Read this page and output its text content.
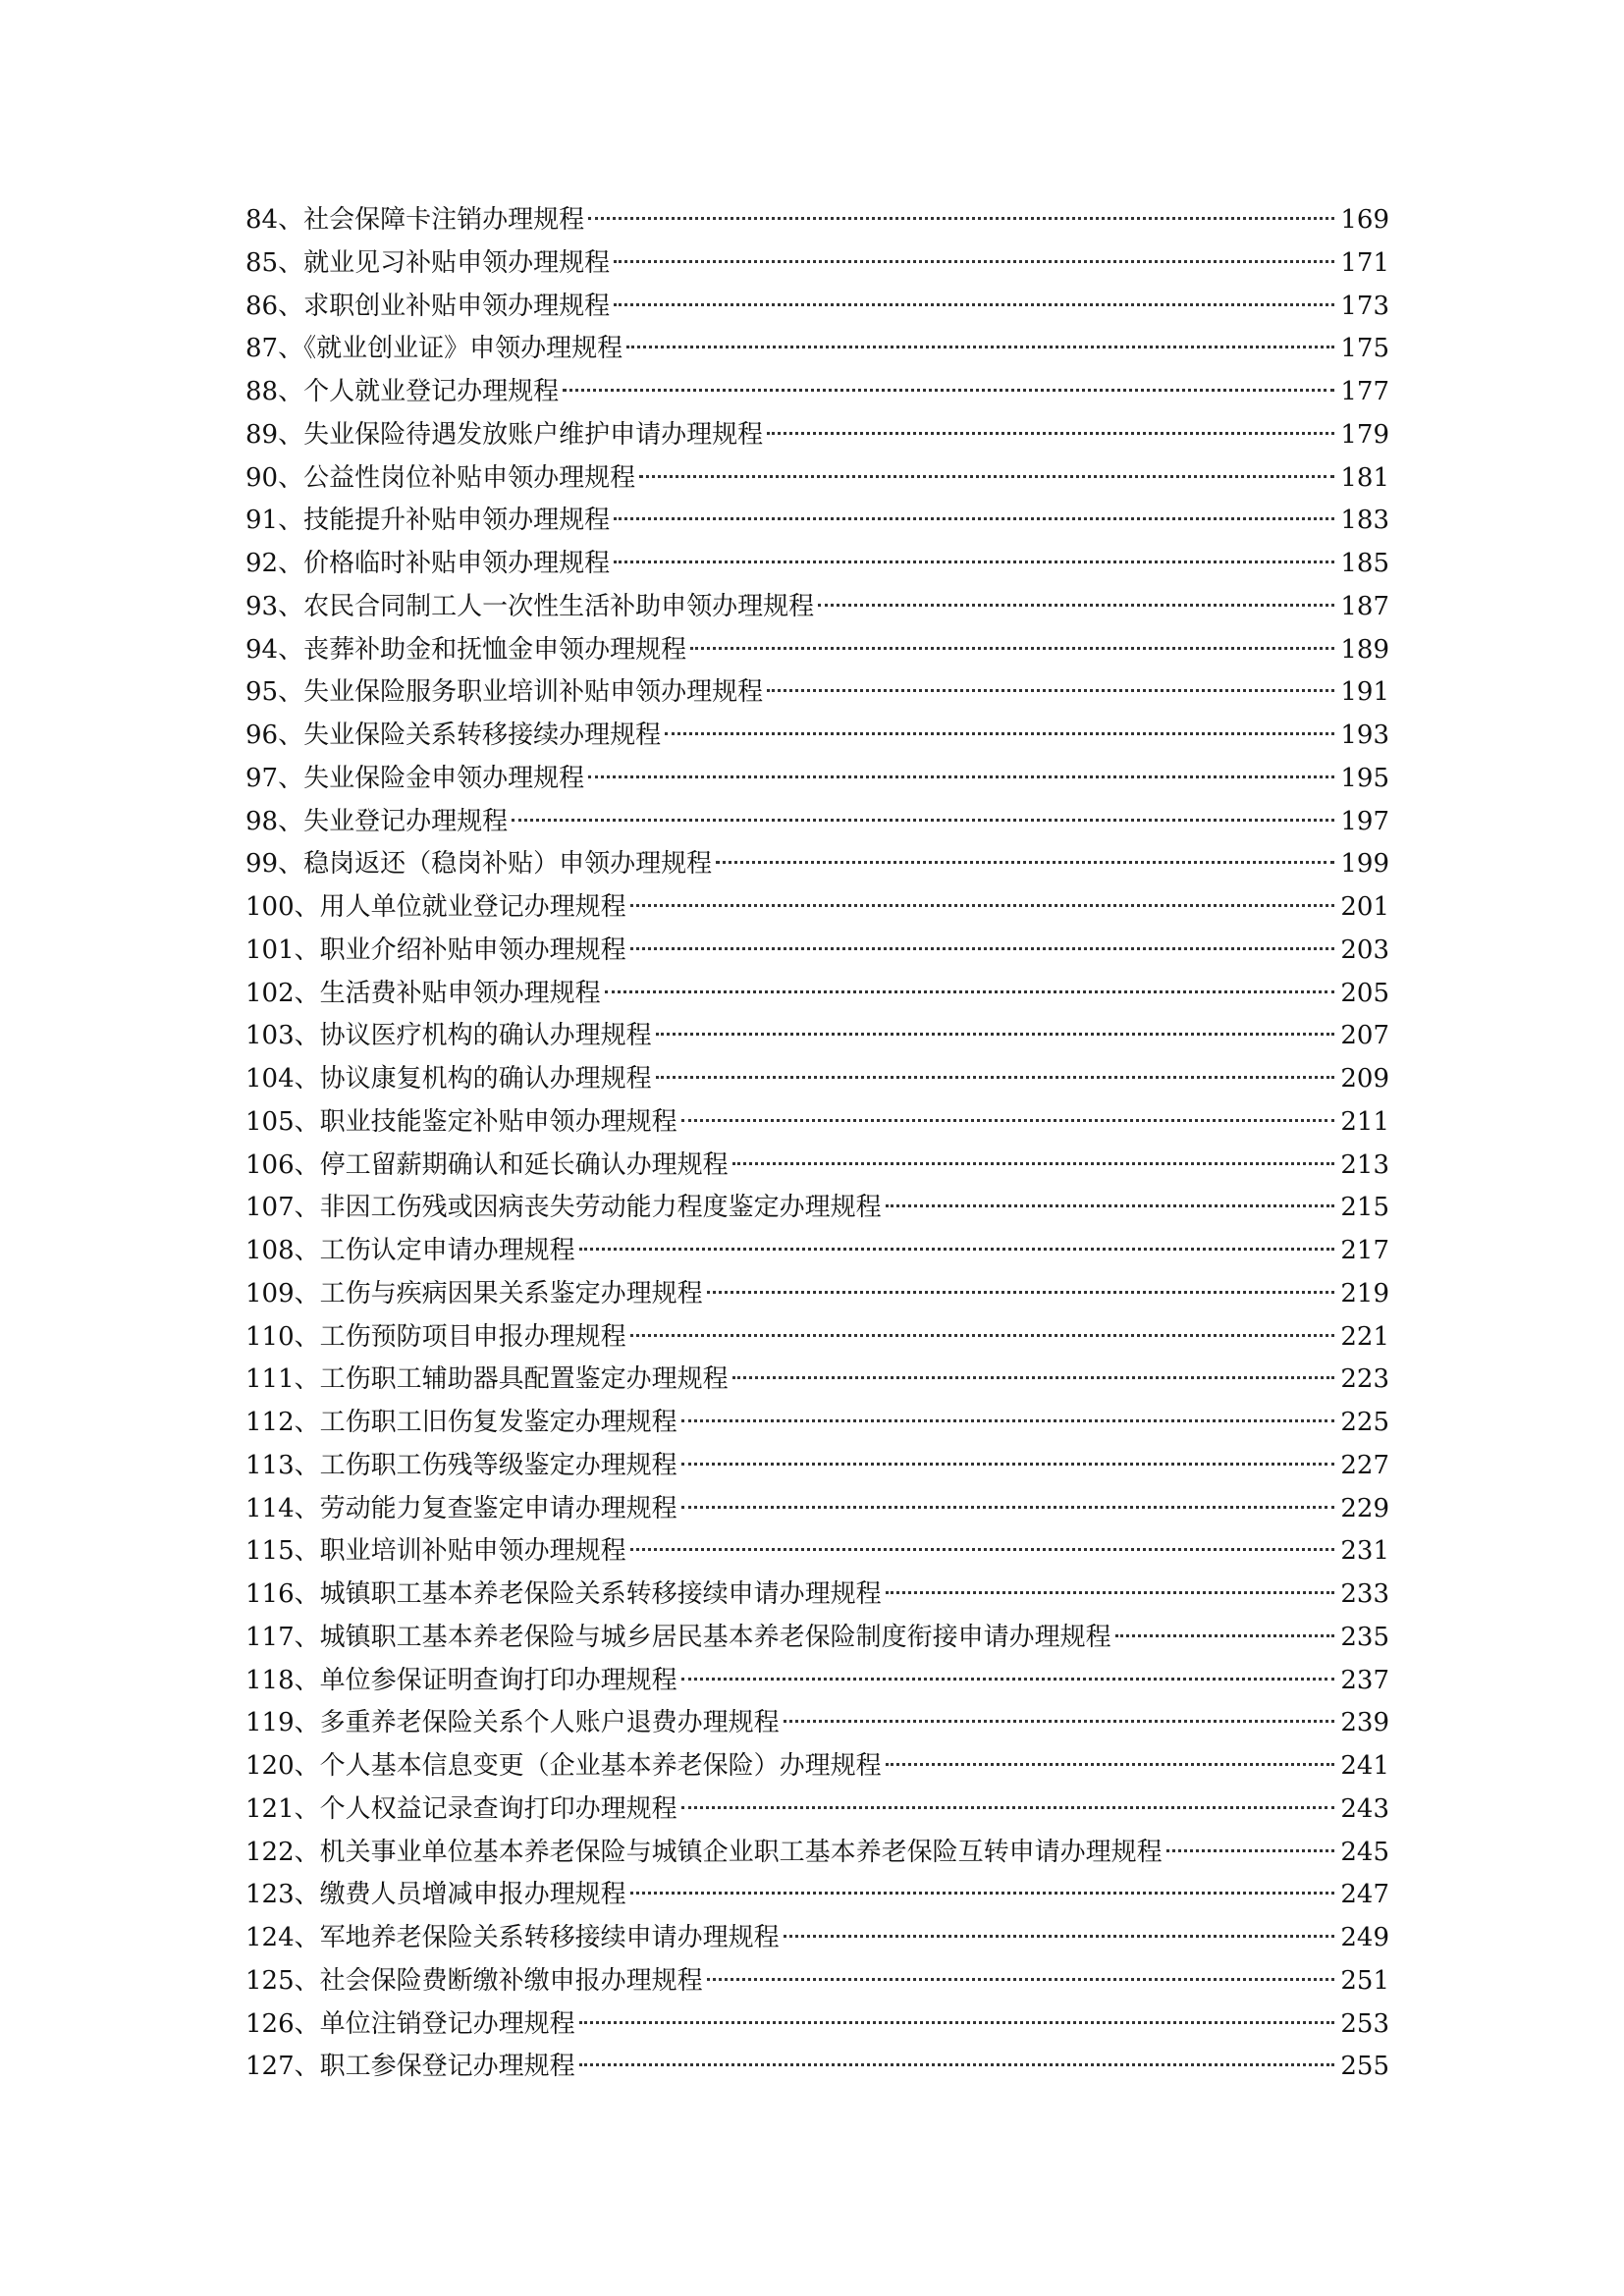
84、社会保障卡注销办理规程	169
85、就业见习补贴申领办理规程	171
86、求职创业补贴申领办理规程	173
87、《就业创业证》申领办理规程	175
88、个人就业登记办理规程	177
89、失业保险待遇发放账户维护申请办理规程	179
90、公益性岗位补贴申领办理规程	181
91、技能提升补贴申领办理规程	183
92、价格临时补贴申领办理规程	185
93、农民合同制工人一次性生活补助申领办理规程	187
94、丧葬补助金和抚恤金申领办理规程	189
95、失业保险服务职业培训补贴申领办理规程	191
96、失业保险关系转移接续办理规程	193
97、失业保险金申领办理规程	195
98、失业登记办理规程	197
99、稳岗返还（稳岗补贴）申领办理规程	199
100、用人单位就业登记办理规程	201
101、职业介绍补贴申领办理规程	203
102、生活费补贴申领办理规程	205
103、协议医疗机构的确认办理规程	207
104、协议康复机构的确认办理规程	209
105、职业技能鉴定补贴申领办理规程	211
106、停工留薪期确认和延长确认办理规程	213
107、非因工伤残或因病丧失劳动能力程度鉴定办理规程	215
108、工伤认定申请办理规程	217
109、工伤与疾病因果关系鉴定办理规程	219
110、工伤预防项目申报办理规程	221
111、工伤职工辅助器具配置鉴定办理规程	223
112、工伤职工旧伤复发鉴定办理规程	225
113、工伤职工伤残等级鉴定办理规程	227
114、劳动能力复查鉴定申请办理规程	229
115、职业培训补贴申领办理规程	231
116、城镇职工基本养老保险关系转移接续申请办理规程	233
117、城镇职工基本养老保险与城乡居民基本养老保险制度衔接申请办理规程	235
118、单位参保证明查询打印办理规程	237
119、多重养老保险关系个人账户退费办理规程	239
120、个人基本信息变更（企业基本养老保险）办理规程	241
121、个人权益记录查询打印办理规程	243
122、机关事业单位基本养老保险与城镇企业职工基本养老保险互转申请办理规程	245
123、缴费人员增减申报办理规程	247
124、军地养老保险关系转移接续申请办理规程	249
125、社会保险费断缴补缴申报办理规程	251
126、单位注销登记办理规程	253
127、职工参保登记办理规程	255
